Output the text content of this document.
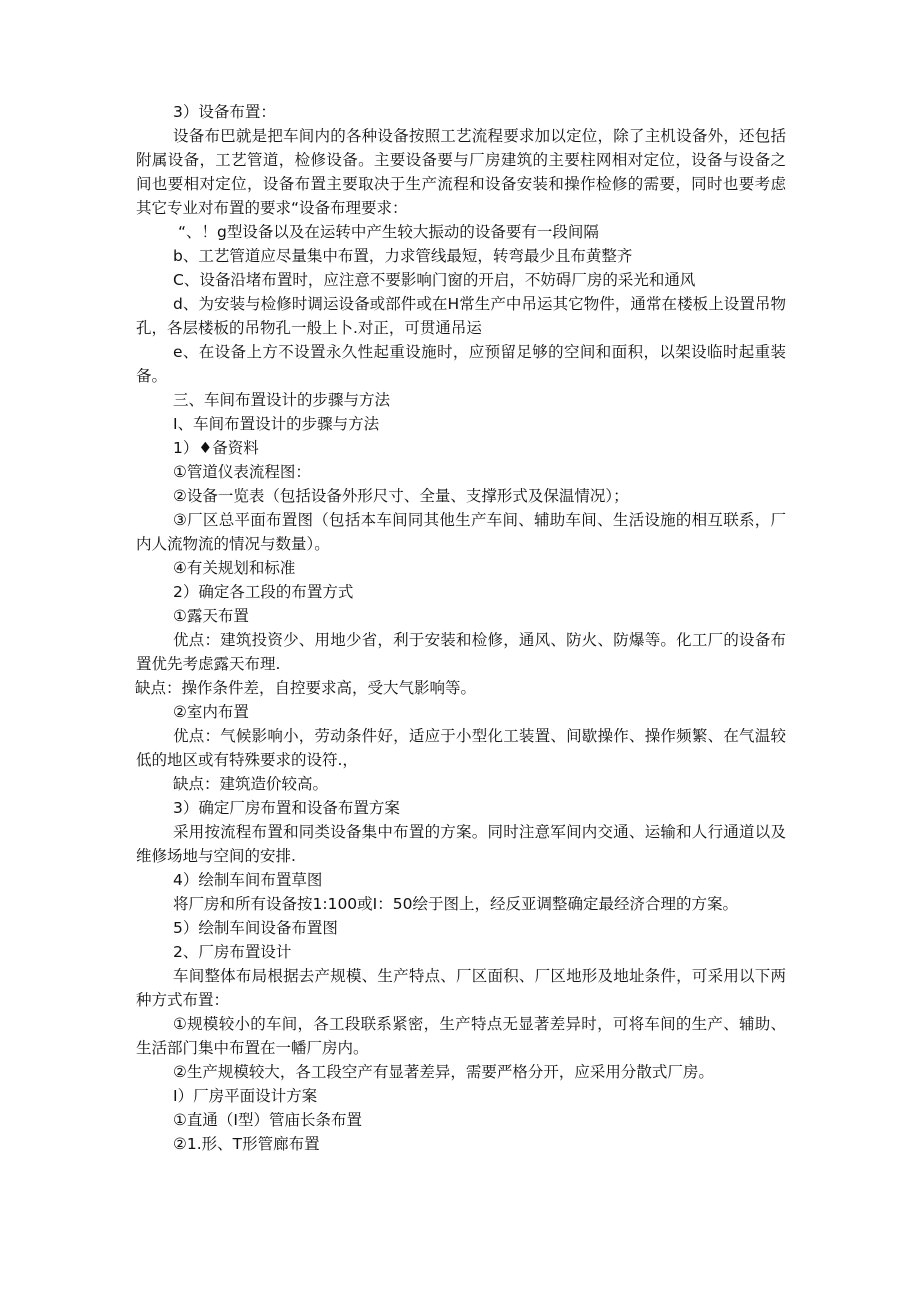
3）设备布置：

设备布巴就是把车间内的各种设备按照工艺流程要求加以定位，除了主机设备外，还包括附属设备，工艺管道，检修设备。主要设备要与厂房建筑的主要柱网相对定位，设备与设备之间也要相对定位，设备布置主要取决于生产流程和设备安装和操作检修的需要，同时也要考虑其它专业对布置的要求“设备布理要求：

“、！g型设备以及在运转中产生较大振动的设备要有一段间隔

b、工艺管道应尽量集中布置，力求管线最短，转弯最少且布黄整齐

C、设备沿堵布置时，应注意不要影响门窗的开启，不妨碍厂房的采光和通风

d、为安装与检修时调运设备或部件或在H常生产中吊运其它物件，通常在楼板上设置吊物孔，各层楼板的吊物孔一般上卜.对正，可贯通吊运

e、在设备上方不设置永久性起重设施时，应预留足够的空间和面积，以架设临时起重装备。

三、车间布置设计的步骤与方法

I、车间布置设计的步骤与方法

1）♦备资料

①管道仪表流程图：

②设备一览表（包括设备外形尺寸、全量、支撑形式及保温情况）；

③厂区总平面布置图（包括本车间同其他生产车间、辅助车间、生活设施的相互联系，厂内人流物流的情况与数量）。

④有关规划和标准

2）确定各工段的布置方式

①露天布置

优点：建筑投资少、用地少省，利于安装和检修，通风、防火、防爆等。化工厂的设备布置优先考虑露天布理.

缺点：操作条件差，自控要求高，受大气影响等。

②室内布置

优点：气候影响小，劳动条件好，适应于小型化工装置、间歇操作、操作频繁、在气温较低的地区或有特殊要求的设符.，

缺点：建筑造价较高。

3）确定厂房布置和设备布置方案

采用按流程布置和同类设备集中布置的方案。同时注意军间内交通、运输和人行通道以及维修场地与空间的安排.

4）绘制车间布置草图

将厂房和所有设备按1:100或I：50绘于图上，经反亚调整确定最经济合理的方案。

5）绘制车间设备布置图

2、厂房布置设计

车间整体布局根据去产规模、生产特点、厂区面积、厂区地形及地址条件，可采用以下两种方式布置：

①规模较小的车间，各工段联系紧密，生产特点无显著差异时，可将车间的生产、辅助、生活部门集中布置在一幡厂房内。

②生产规模较大，各工段空产有显著差异，需要严格分开，应采用分散式厂房。

I）厂房平面设计方案

①直通（I型）管庙长条布置

②1.形、T形管廊布置
